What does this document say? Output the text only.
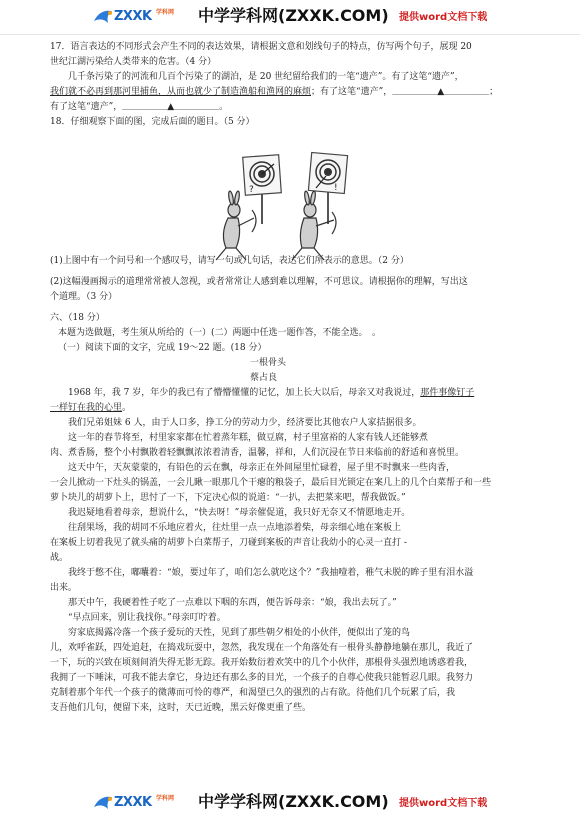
ZXXK 学科网 中学学科网(ZXXK.COM) 提供word文档下载

17．语言表达的不同形式会产生不同的表达效果，请根据文意和划线句子的特点，仿写两个句子，展现 20

世纪江湖污染给人类带来的危害。（4 分）

几千条污染了的河流和几百个污染了的湖泊，是 20 世纪留给我们的一笔“遗产”。有了这笔“遗产”，

我们就不必再到那河里捕鱼，从而也就少了制造渔船和渔网的麻烦；有了这笔“遗产”，＿＿＿＿＿▲＿＿＿＿＿；

有了这笔“遗产”，＿＿＿＿＿▲＿＿＿＿＿。

18．仔细观察下面的图，完成后面的题目。（5 分）

(1)上图中有一个问号和一个感叹号，请写一句或几句话，表达它们所表示的意思。（2 分）

(2)这幅漫画揭示的道理常常被人忽视，或者常常让人感到难以理解，不可思议。请根据你的理解，写出这

个道理。（3 分）

六、（18 分）

本题为选做题，考生须从所给的（一）(二）两题中任选一题作答，不能全选。　。

（一）阅读下面的文字，完成 19～22 题。(18 分）

一根骨头

蔡占良

1968 年，我 7 岁，年少的我已有了懵懵懂懂的记忆，加上长大以后，母亲又对我说过，那件事像钉子

一样钉在我的心里。

我们兄弟姐妹 6 人，由于人口多，挣工分的劳动力少，经济要比其他农户人家拮据很多。

这一年的春节将至，村里家家都在忙着蒸年糕，做豆腐，村子里富裕的人家有钱人还能够煮

肉、煮香肠，整个小村飘散着轻飘飘浓浓着清香，温馨，祥和，人们沉浸在节日来临前的舒适和喜悦里。

这天中午，天灰蒙蒙的，有铅色的云在飘，母亲正在外间屋里忙碌着，屋子里不时飘来一些肉香，

一会儿掀动一下灶头的锅盖，一会儿瞅一眼那几个干瘪的粮袋子，最后目光锁定在案几上的几个白菜帮子和一些

萝卜块儿的胡萝卜上，思忖了一下，下定决心似的说道：“一扒，去把菜来吧，帮我做饭。”

我迟疑地看着母亲，想说什么，“快去呀！”母亲催促道，我只好无奈又不情愿地走开。

往刮果场，我的胡同不乐地应着火，往灶里一点一点地添着柴，母亲细心地在案板上

在案板上切着我见了就头痛的胡萝卜白菜帮子，刀碰到案板的声音让我幼小的心灵一直打 -

战。

我终于憋不住，嘟囔着：“娘，要过年了，咱们怎么就吃这个？”我抽噎着，稚气未脱的眸子里有泪水溢

出来。

那天中午，我硬着性子吃了一点难以下咽的东西，便告诉母亲：“娘，我出去玩了。”

“早点回来，别让我找你。”母亲叮咛着。

穷家底揭露冷落一个孩子爱玩的天性，见到了那些朝夕相处的小伙伴，便似出了笼的鸟

儿，欢呼雀跃，四处追赶，在捣戏玩耍中，忽然，我发现在一个角落处有一根骨头静静地躺在那儿，我近了

一下，玩的兴致在顷刻间消失得无影无踪。我开始数衍着欢笑中的几个小伙伴，那根骨头强烈地诱惑着我，

我拥了一下唾沫，可我不能去拿它，身边还有那么多的目光，一个孩子的自尊心使我只能暂忍几眼。我努力

克制着那个年代一个孩子的微薄而可怜的尊严，和渴望已久的强烈的占有欲。待他们几个玩累了后，我

支吾他们几句，便留下来，这时，天已近晚，黑云好像更重了些。

?	!
ZXXK 学科网 中学学科网(ZXXK.COM) 提供word文档下载
